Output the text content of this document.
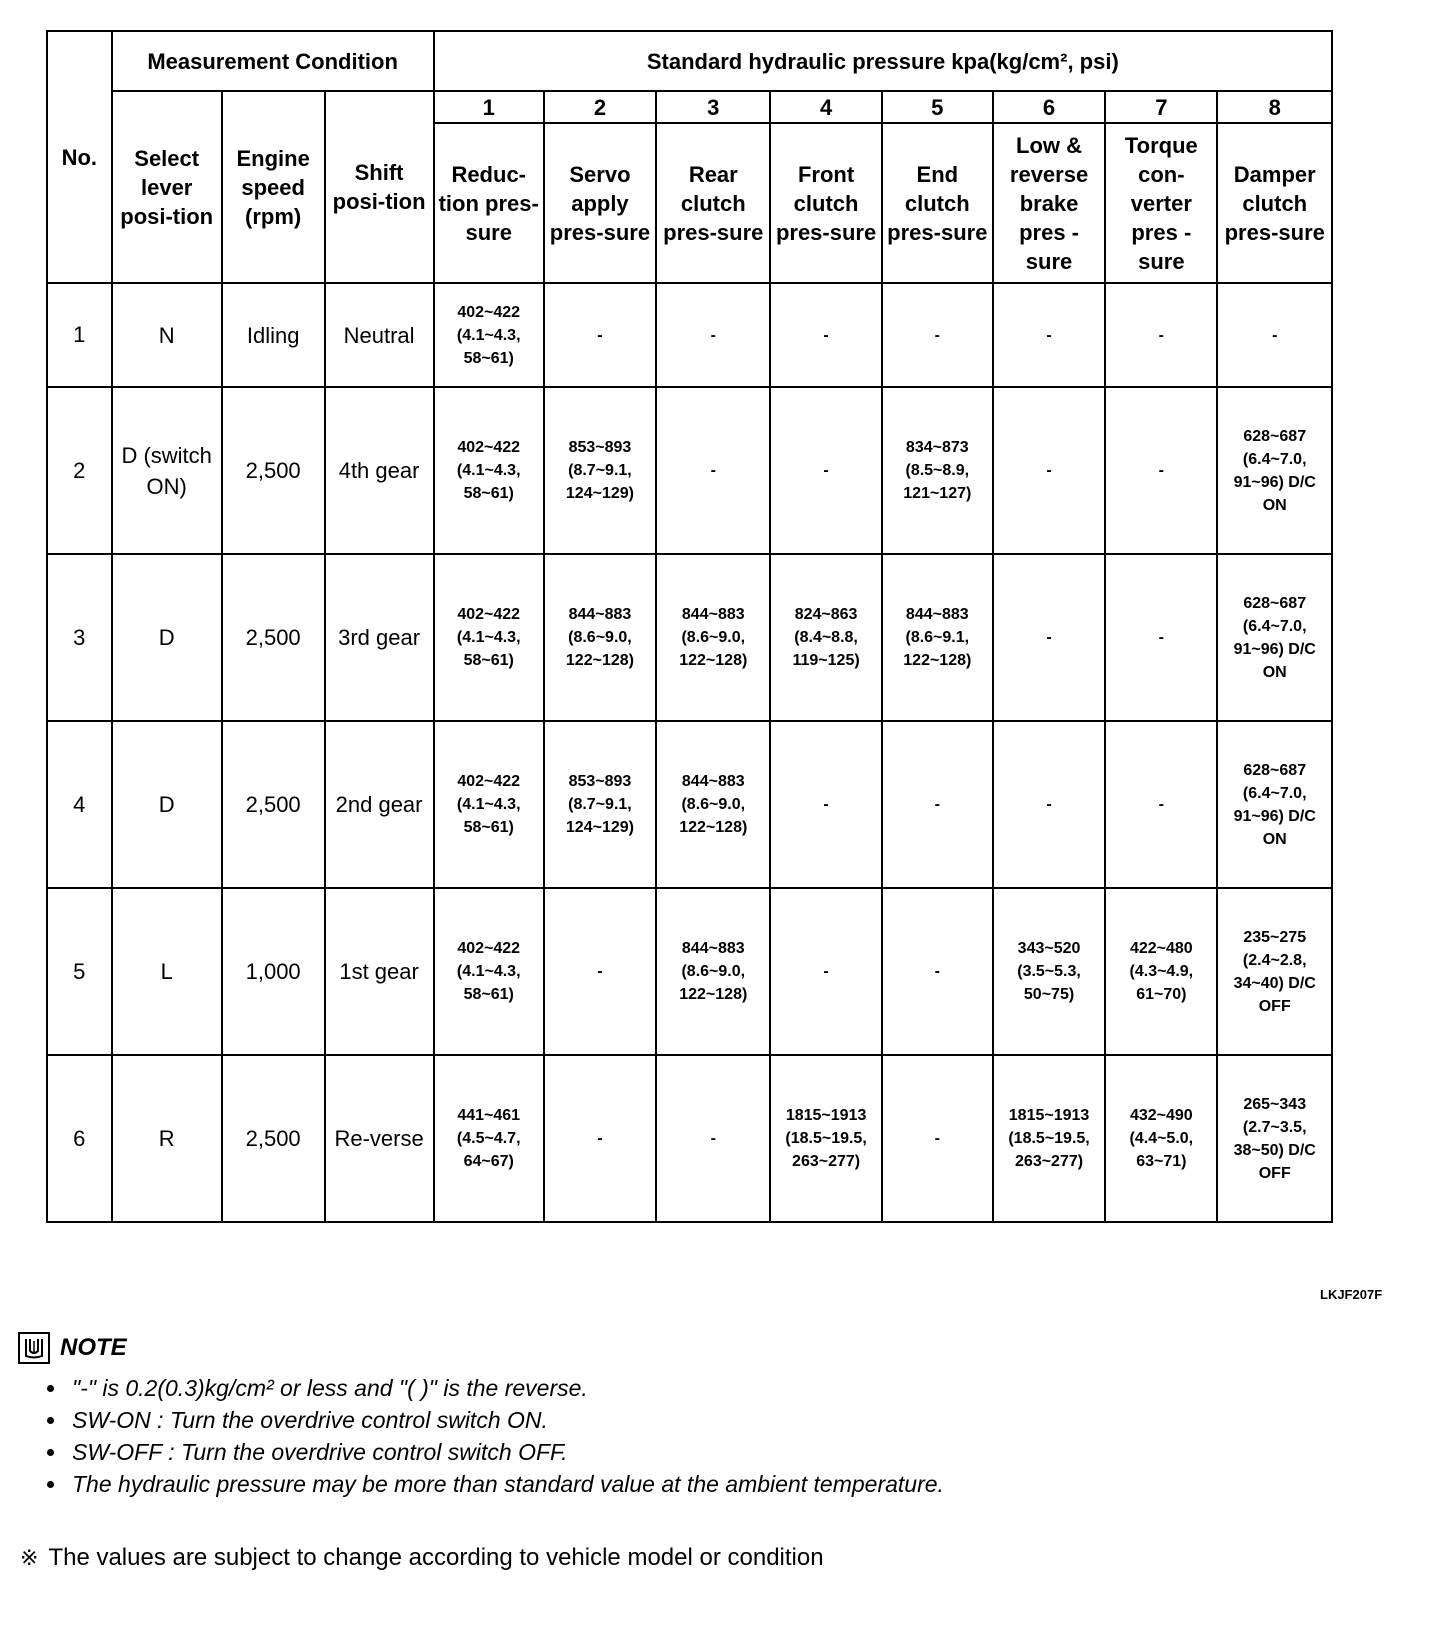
No.	Measurement Condition			Standard hydraulic pressure kpa(kg/cm², psi)							
	Select lever posi-tion	Engine speed (rpm)	Shift posi-tion	1	2	3	4	5	6	7	8
				Reduc-tion pres-sure	Servo apply pres-sure	Rear clutch pres-sure	Front clutch pres-sure	End clutch pres-sure	Low & reverse brake pres -sure	Torque con-verter pres -sure	Damper clutch pres-sure
1	N	Idling	Neutral	402~422 (4.1~4.3, 58~61)	-	-	-	-	-	-	-
2	D (switch ON)	2,500	4th gear	402~422 (4.1~4.3, 58~61)	853~893 (8.7~9.1, 124~129)	-	-	834~873 (8.5~8.9, 121~127)	-	-	628~687 (6.4~7.0, 91~96) D/C ON
3	D	2,500	3rd gear	402~422 (4.1~4.3, 58~61)	844~883 (8.6~9.0, 122~128)	844~883 (8.6~9.0, 122~128)	824~863 (8.4~8.8, 119~125)	844~883 (8.6~9.1, 122~128)	-	-	628~687 (6.4~7.0, 91~96) D/C ON
4	D	2,500	2nd gear	402~422 (4.1~4.3, 58~61)	853~893 (8.7~9.1, 124~129)	844~883 (8.6~9.0, 122~128)	-	-	-	-	628~687 (6.4~7.0, 91~96) D/C ON
5	L	1,000	1st gear	402~422 (4.1~4.3, 58~61)	-	844~883 (8.6~9.0, 122~128)	-	-	343~520 (3.5~5.3, 50~75)	422~480 (4.3~4.9, 61~70)	235~275 (2.4~2.8, 34~40) D/C OFF
6	R	2,500	Re-verse	441~461 (4.5~4.7, 64~67)	-	-	1815~1913 (18.5~19.5, 263~277)	-	1815~1913 (18.5~19.5, 263~277)	432~490 (4.4~5.0, 63~71)	265~343 (2.7~3.5, 38~50) D/C OFF
LKJF207F
NOTE
• "-" is 0.2(0.3)kg/cm² or less and "( )" is the reverse.
• SW-ON : Turn the overdrive control switch ON.
• SW-OFF : Turn the overdrive control switch OFF.
• The hydraulic pressure may be more than standard value at the ambient temperature.
※ The values are subject to change according to vehicle model or condition
